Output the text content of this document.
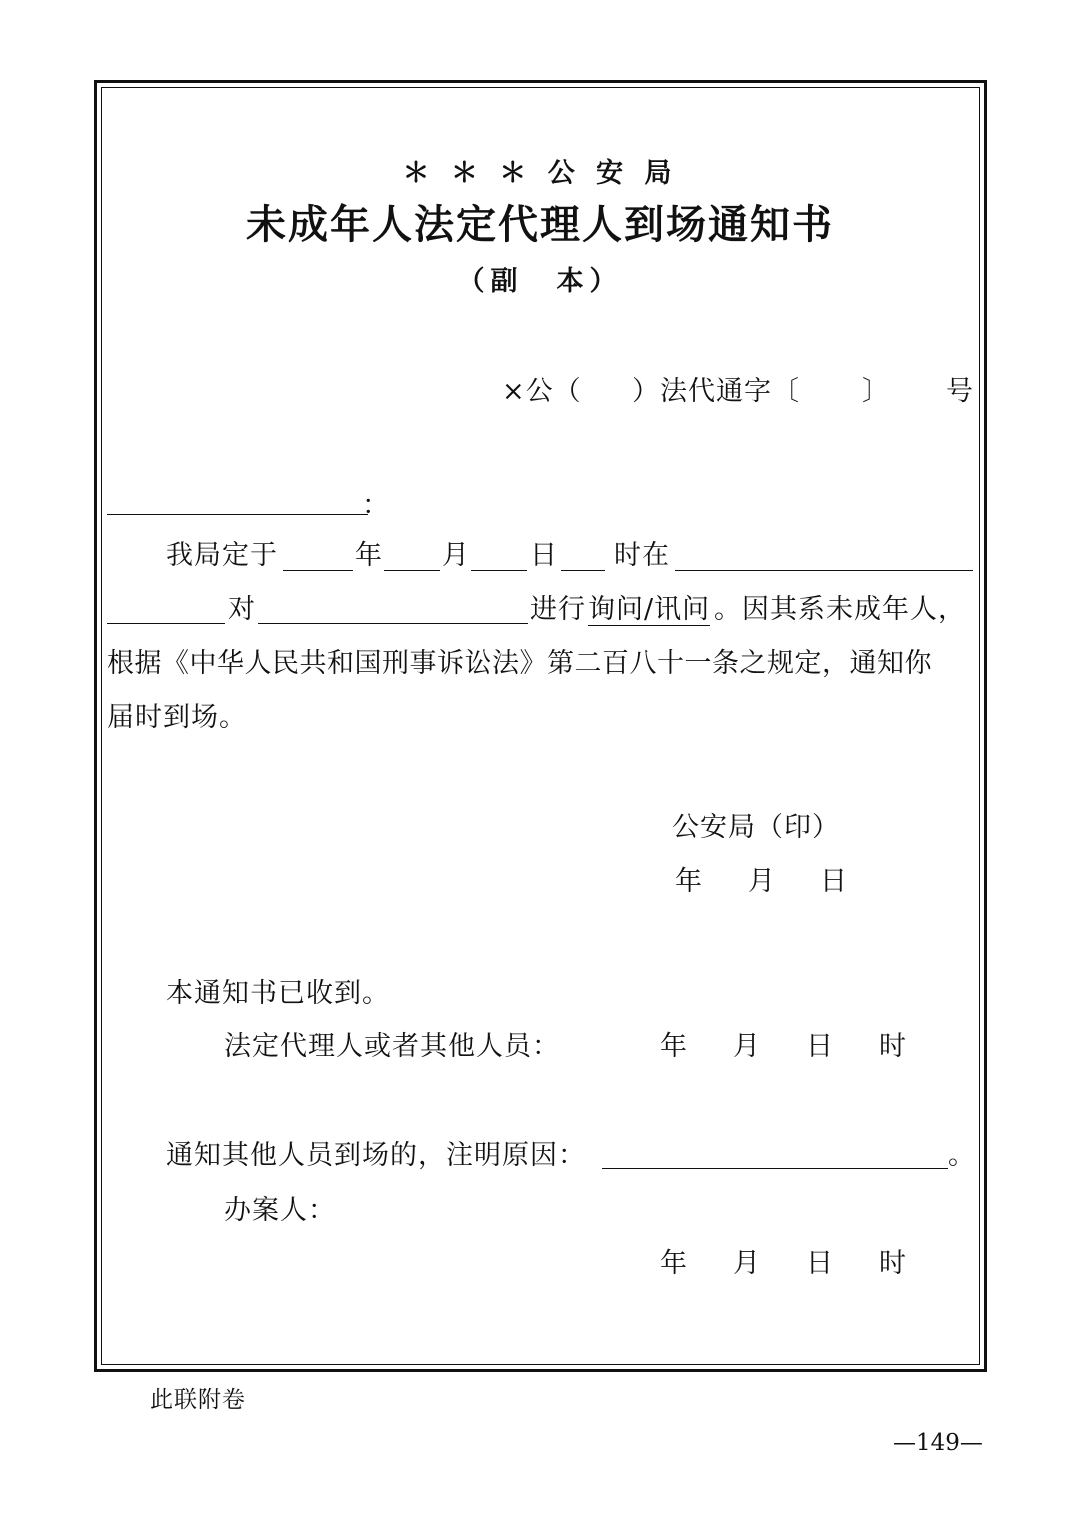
＊ ＊ ＊ 公 安 局
未成年人法定代理人到场通知书
（副　本）
×公（ ）法代通字〔 〕 号
：
我局定于	年 月 日 时在
对	进行 询问/讯问 。因其系未成年人，
根据《中华人民共和国刑事诉讼法》第二百八十一条之规定，通知你
届时到场。
公安局（印）
年 月 日
本通知书已收到。
法定代理人或者其他人员：	年 月 日 时
通知其他人员到场的，注明原因：	。
办案人：
年 月 日 时
此联附卷
—149—
